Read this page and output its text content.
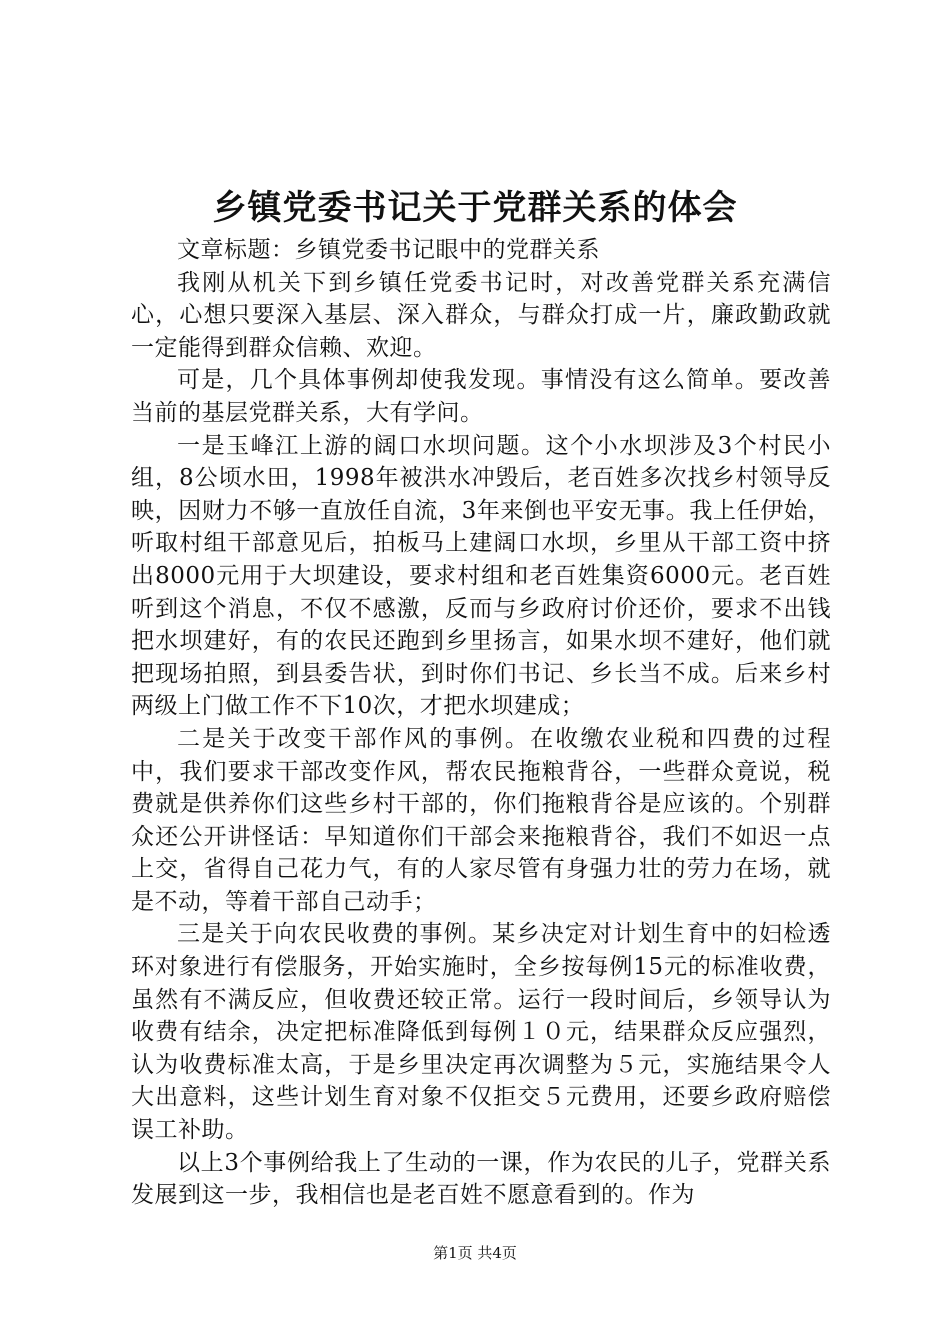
乡镇党委书记关于党群关系的体会

文章标题：乡镇党委书记眼中的党群关系

我刚从机关下到乡镇任党委书记时，对改善党群关系充满信心，心想只要深入基层、深入群众，与群众打成一片，廉政勤政就一定能得到群众信赖、欢迎。

可是，几个具体事例却使我发现。事情没有这么简单。要改善当前的基层党群关系，大有学问。

一是玉峰江上游的阔口水坝问题。这个小水坝涉及3个村民小组，8公顷水田，1998年被洪水冲毁后，老百姓多次找乡村领导反映，因财力不够一直放任自流，3年来倒也平安无事。我上任伊始，听取村组干部意见后，拍板马上建阔口水坝，乡里从干部工资中挤出8000元用于大坝建设，要求村组和老百姓集资6000元。老百姓听到这个消息，不仅不感激，反而与乡政府讨价还价，要求不出钱把水坝建好，有的农民还跑到乡里扬言，如果水坝不建好，他们就把现场拍照，到县委告状，到时你们书记、乡长当不成。后来乡村两级上门做工作不下10次，才把水坝建成；

二是关于改变干部作风的事例。在收缴农业税和四费的过程中，我们要求干部改变作风，帮农民拖粮背谷，一些群众竟说，税费就是供养你们这些乡村干部的，你们拖粮背谷是应该的。个别群众还公开讲怪话：早知道你们干部会来拖粮背谷，我们不如迟一点上交，省得自己花力气，有的人家尽管有身强力壮的劳力在场，就是不动，等着干部自己动手；

三是关于向农民收费的事例。某乡决定对计划生育中的妇检透环对象进行有偿服务，开始实施时，全乡按每例15元的标准收费，虽然有不满反应，但收费还较正常。运行一段时间后，乡领导认为收费有结余，决定把标准降低到每例１０元，结果群众反应强烈，认为收费标准太高，于是乡里决定再次调整为５元，实施结果令人大出意料，这些计划生育对象不仅拒交５元费用，还要乡政府赔偿误工补助。

以上3个事例给我上了生动的一课，作为农民的儿子，党群关系发展到这一步，我相信也是老百姓不愿意看到的。作为

第1页 共4页
